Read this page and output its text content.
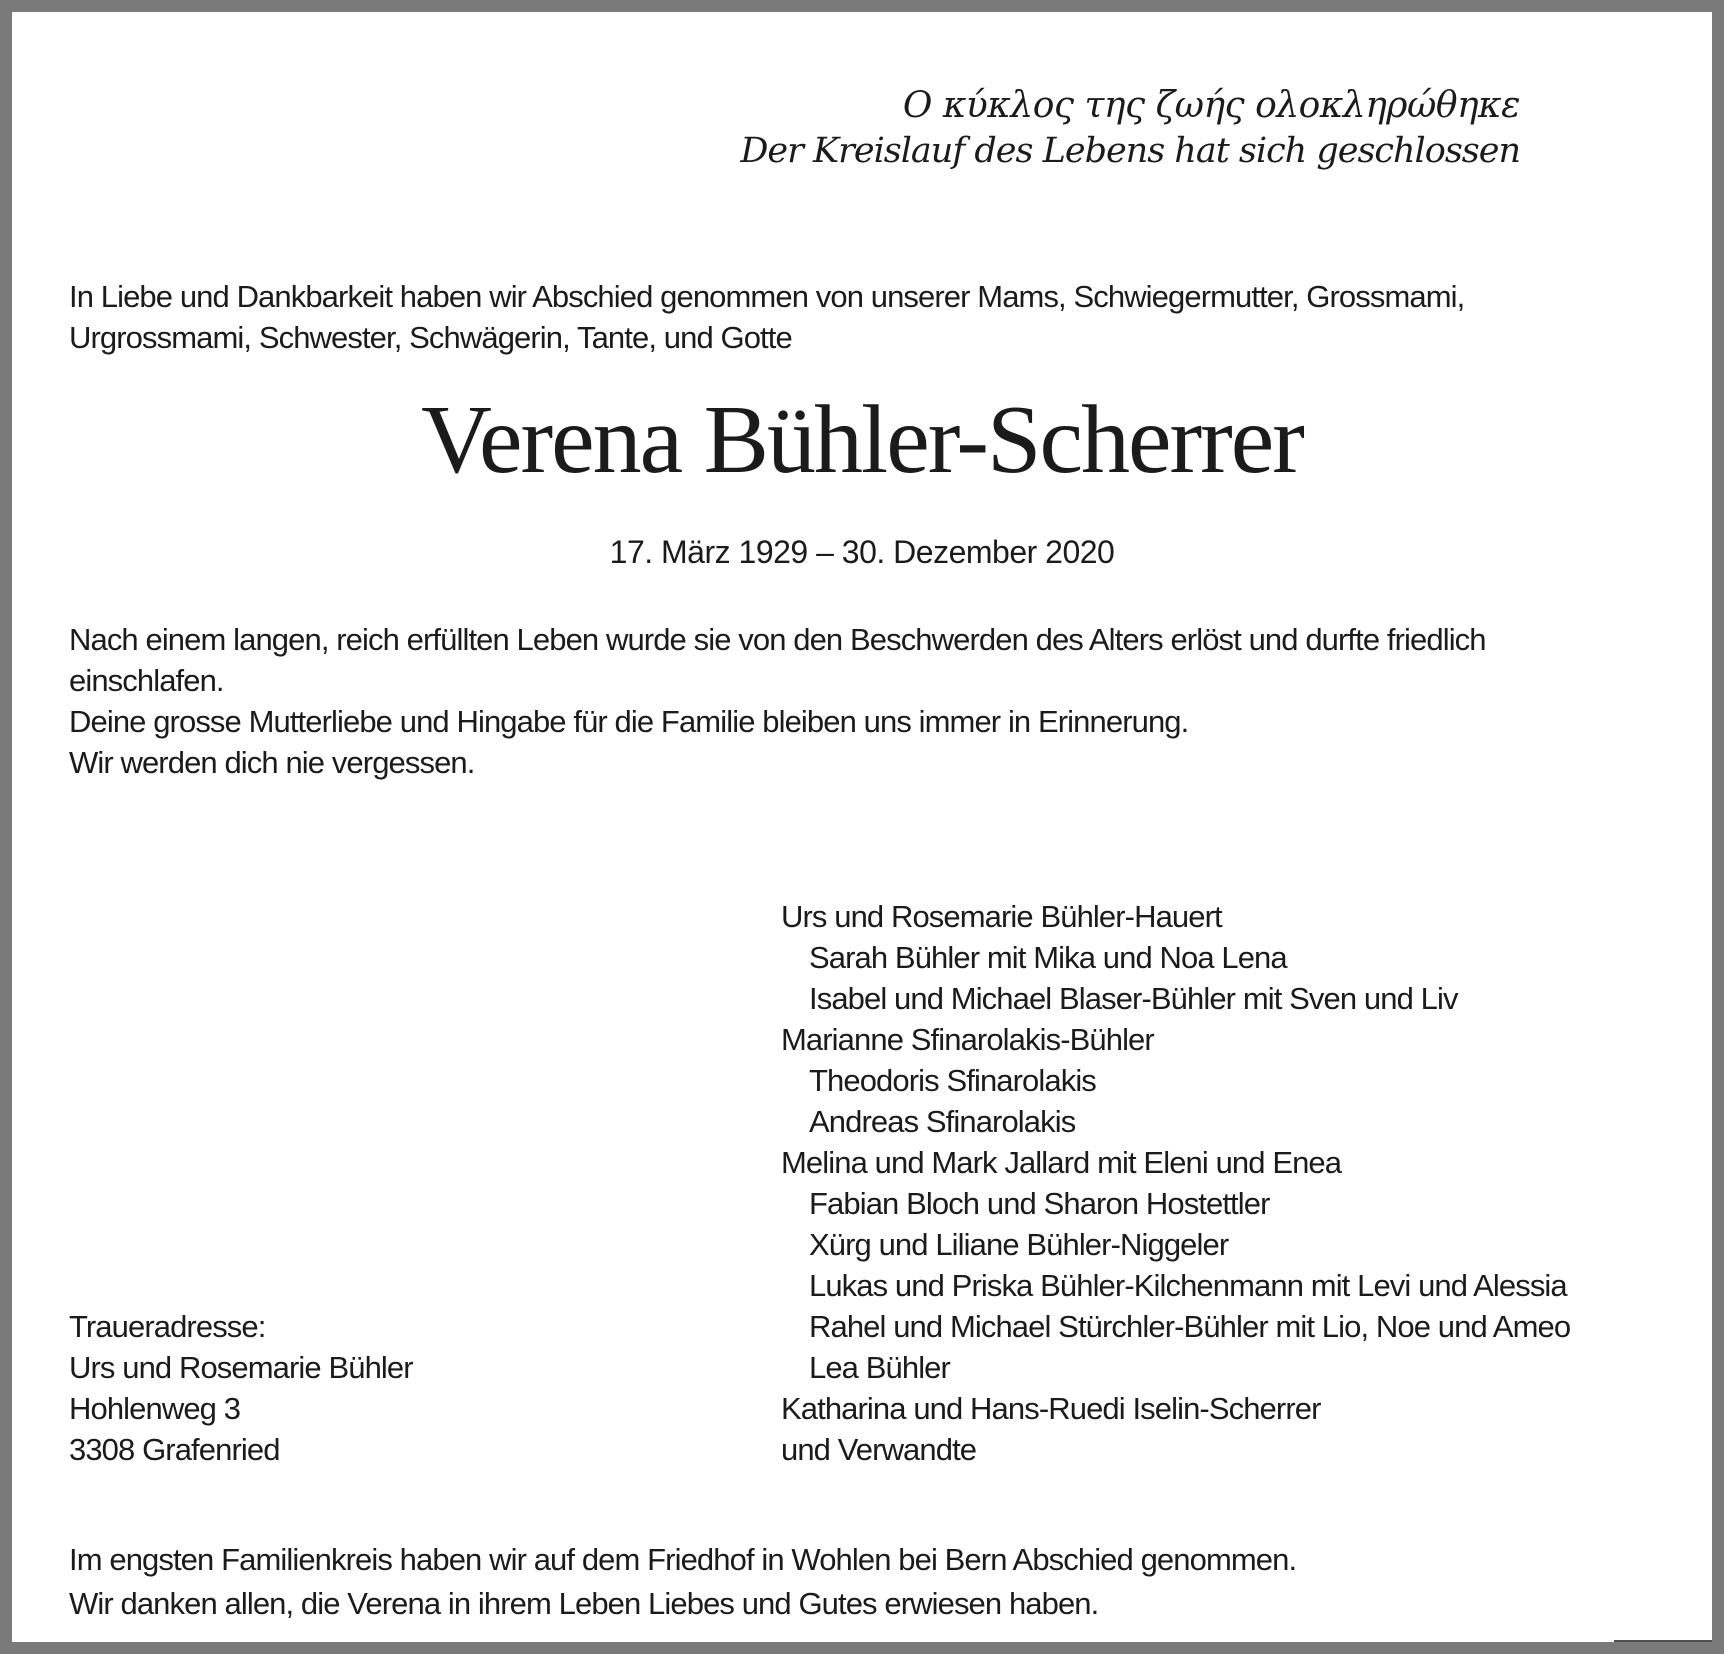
Ο κύκλος της ζωής ολοκληρώθηκε
Der Kreislauf des Lebens hat sich geschlossen
In Liebe und Dankbarkeit haben wir Abschied genommen von unserer Mams, Schwiegermutter, Grossmami,
Urgrossmami, Schwester, Schwägerin, Tante, und Gotte
Verena Bühler-Scherrer
17. März 1929 – 30. Dezember 2020
Nach einem langen, reich erfüllten Leben wurde sie von den Beschwerden des Alters erlöst und durfte friedlich
einschlafen.
Deine grosse Mutterliebe und Hingabe für die Familie bleiben uns immer in Erinnerung.
Wir werden dich nie vergessen.
Urs und Rosemarie Bühler-Hauert
Sarah Bühler mit Mika und Noa Lena
Isabel und Michael Blaser-Bühler mit Sven und Liv
Marianne Sfinarolakis-Bühler
Theodoris Sfinarolakis
Andreas Sfinarolakis
Melina und Mark Jallard mit Eleni und Enea
Fabian Bloch und Sharon Hostettler
Xürg und Liliane Bühler-Niggeler
Lukas und Priska Bühler-Kilchenmann mit Levi und Alessia
Rahel und Michael Stürchler-Bühler mit Lio, Noe und Ameo
Lea Bühler
Katharina und Hans-Ruedi Iselin-Scherrer
und Verwandte
Traueradresse:
Urs und Rosemarie Bühler
Hohlenweg 3
3308 Grafenried
Im engsten Familienkreis haben wir auf dem Friedhof in Wohlen bei Bern Abschied genommen.
Wir danken allen, die Verena in ihrem Leben Liebes und Gutes erwiesen haben.
